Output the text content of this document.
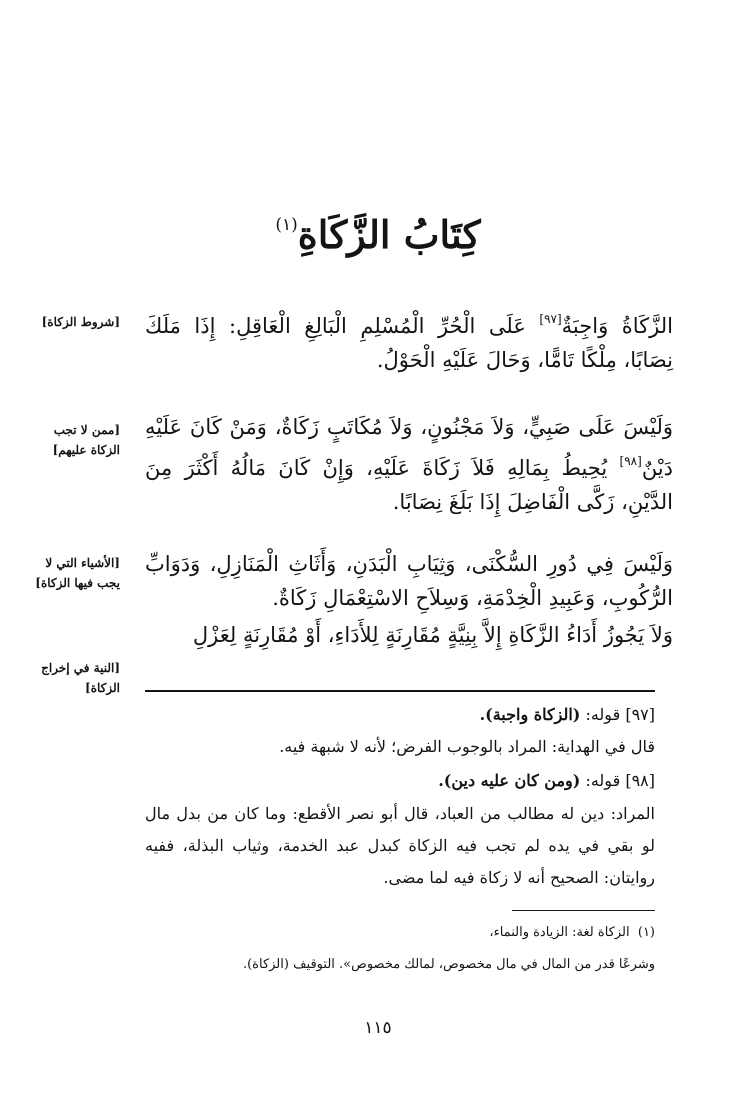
كِتَابُ الزَّكَاةِ$^{(١)}$
الزَّكَاةُ وَاجِبَةٌ[٩٧] عَلَى الْحُرِّ الْمُسْلِمِ الْبَالِغِ الْعَاقِلِ: إِذَا مَلَكَ نِصَابًا، مِلْكًا تَامًّا، وَحَالَ عَلَيْهِ الْحَوْلُ.
وَلَيْسَ عَلَى صَبِيٍّ، وَلاَ مَجْنُونٍ، وَلاَ مُكَاتَبٍ زَكَاةٌ، وَمَنْ كَانَ عَلَيْهِ دَيْنٌ[٩٨] يُحِيطُ بِمَالِهِ فَلاَ زَكَاةَ عَلَيْهِ، وَإِنْ كَانَ مَالُهُ أَكْثَرَ مِنَ الدَّيْنِ، زَكَّى الْفَاضِلَ إِذَا بَلَغَ نِصَابًا.
وَلَيْسَ فِي دُورِ السُّكْنَى، وَثِيَابِ الْبَدَنِ، وَأَثَاثِ الْمَنَازِلِ، وَدَوَابِّ الرُّكُوبِ، وَعَبِيدِ الْخِدْمَةِ، وَسِلاَحِ الاسْتِعْمَالِ زَكَاةٌ.
وَلاَ يَجُوزُ أَدَاءُ الزَّكَاةِ إِلاَّ بِنِيَّةٍ مُقَارِنَةٍ لِلأَدَاءِ، أَوْ مُقَارِنَةٍ لِعَزْلِ
[شروط الزكاة]
[ممن لا تجب الزكاة عليهم]
[الأشياء التي لا يجب فيها الزكاة]
[النية في إخراج الزكاة]
[٩٧] قوله: (الزكاة واجبة).
قال في الهداية: المراد بالوجوب الفرض؛ لأنه لا شبهة فيه.
[٩٨] قوله: (ومن كان عليه دين).
المراد: دين له مطالب من العباد، قال أبو نصر الأقطع: وما كان من بدل مال لو بقي في يده لم تجب فيه الزكاة كبدل عبد الخدمة، وثياب البذلة، ففيه روايتان: الصحيح أنه لا زكاة فيه لما مضى.
(١)  الزكاة لغة: الزيادة والنماء،
وشرعًا قدر من المال في مال مخصوص، لمالك مخصوص». التوقيف (الزكاة).
١١٥
